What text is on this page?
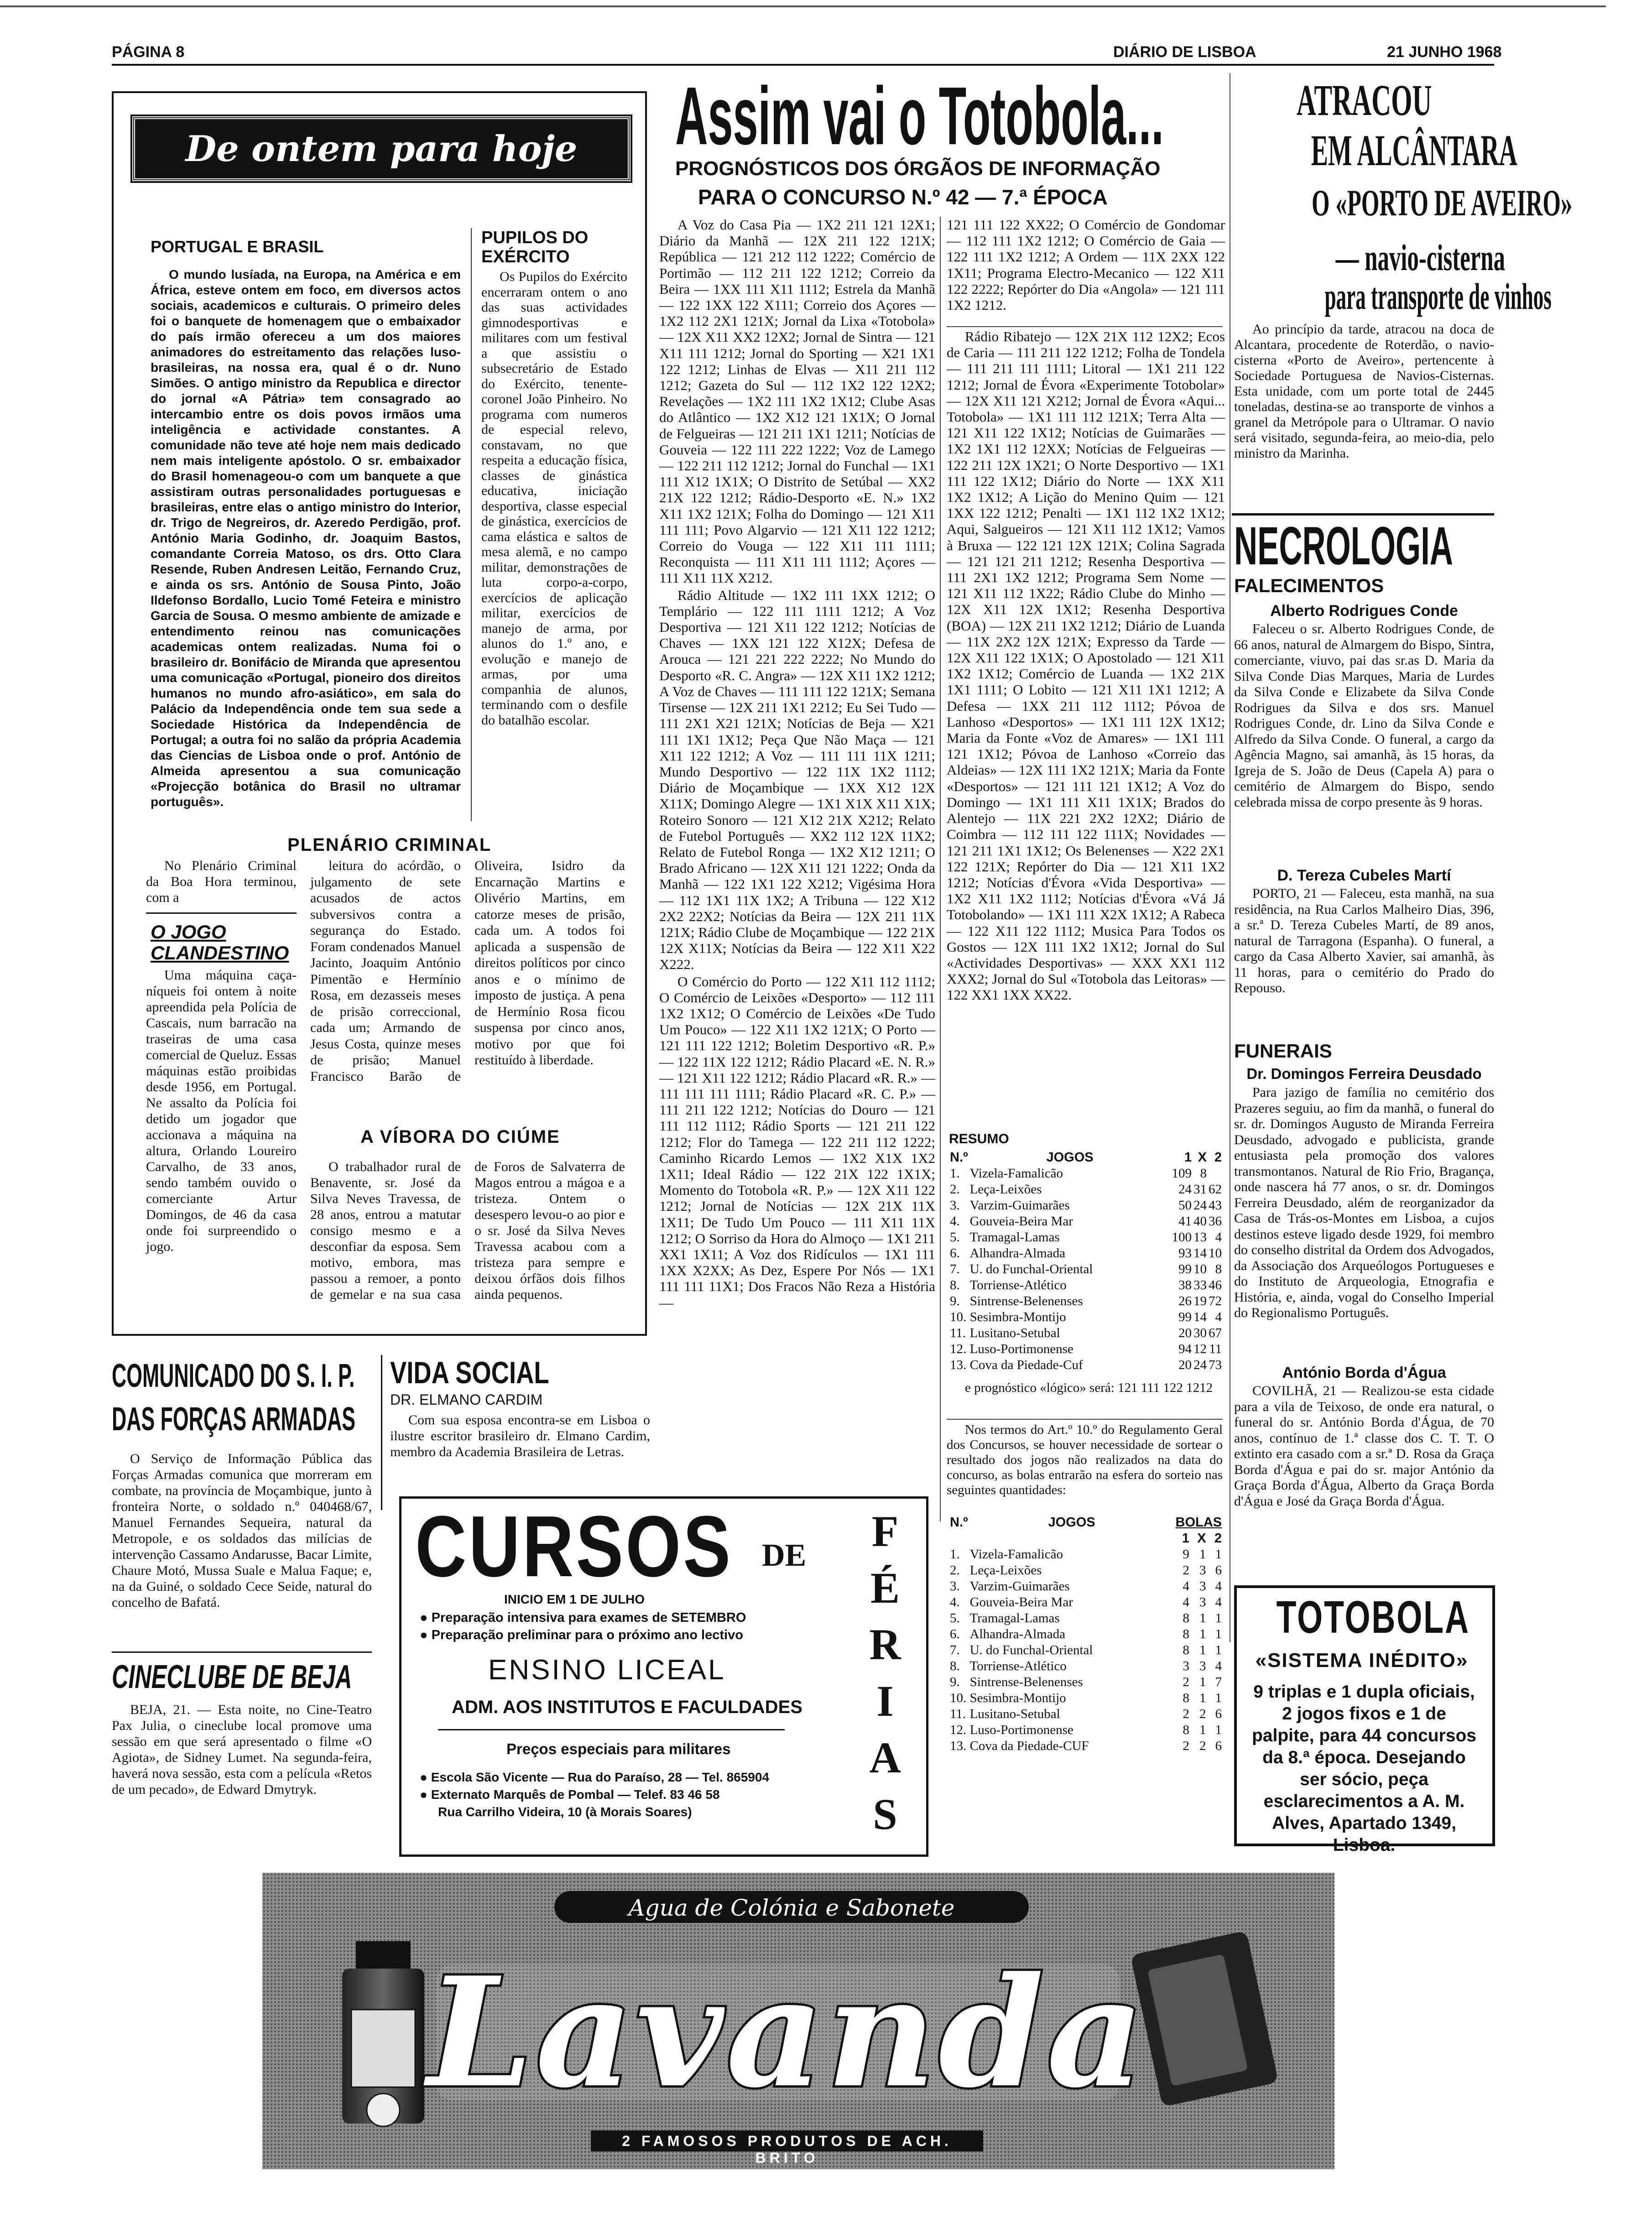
PÁGINA 8	DIÁRIO DE LISBOA	21 JUNHO 1968
De ontem para hoje
PORTUGAL E BRASIL

O mundo lusíada, na Europa, na América e em África, esteve ontem em foco, em diversos actos sociais, academicos e culturais. O primeiro deles foi o banquete de homenagem que o embaixador do país irmão ofereceu a um dos maiores animadores do estreitamento das relações luso-brasileiras, na nossa era, qual é o dr. Nuno Simões. O antigo ministro da Republica e director do jornal «A Pátria» tem consagrado ao intercambio entre os dois povos irmãos uma inteligência e actividade constantes. A comunidade não teve até hoje nem mais dedicado nem mais inteligente apóstolo. O sr. embaixador do Brasil homenageou-o com um banquete a que assistiram outras personalidades portuguesas e brasileiras, entre elas o antigo ministro do Interior, dr. Trigo de Negreiros, dr. Azeredo Perdigão, prof. António Maria Godinho, dr. Joaquim Bastos, comandante Correia Matoso, os drs. Otto Clara Resende, Ruben Andresen Leitão, Fernando Cruz, e ainda os srs. António de Sousa Pinto, João Ildefonso Bordallo, Lucio Tomé Feteira e ministro Garcia de Sousa. O mesmo ambiente de amizade e entendimento reinou nas comunicações academicas ontem realizadas. Numa foi o brasileiro dr. Bonifácio de Miranda que apresentou uma comunicação «Portugal, pioneiro dos direitos humanos no mundo afro-asiático», em sala do Palácio da Independência onde tem sua sede a Sociedade Histórica da Independência de Portugal; a outra foi no salão da própria Academia das Ciencias de Lisboa onde o prof. António de Almeida apresentou a sua comunicação «Projecção botânica do Brasil no ultramar português».

PUPILOS DO EXÉRCITO

Os Pupilos do Exército encerraram ontem o ano das suas actividades gimnodesportivas e militares com um festival a que assistiu o subsecretário de Estado do Exército, tenente-coronel João Pinheiro. No programa com numeros de especial relevo, constavam, no que respeita a educação física, classes de ginástica educativa, iniciação desportiva, classe especial de ginástica, exercícios de cama elástica e saltos de mesa alemã, e no campo militar, demonstrações de luta corpo-a-corpo, exercícios de aplicação militar, exercícios de manejo de arma, por alunos do 1.º ano, e evolução e manejo de armas, por uma companhia de alunos, terminando com o desfile do batalhão escolar.

PLENÁRIO CRIMINAL

No Plenário Criminal da Boa Hora terminou, com a

O JOGO CLANDESTINO

Uma máquina caça-níqueis foi ontem à noite apreendida pela Polícia de Cascais, num barracão na traseiras de uma casa comercial de Queluz. Essas máquinas estão proibidas desde 1956, em Portugal. Ne assalto da Polícia foi detido um jogador que accionava a máquina na altura, Orlando Loureiro Carvalho, de 33 anos, sendo também ouvido o comerciante Artur Domingos, de 46 da casa onde foi surpreendido o jogo.

leitura do acórdão, o julgamento de sete acusados de actos subversivos contra a segurança do Estado. Foram condenados Manuel Jacinto, Joaquim António Pimentão e Hermínio Rosa, em dezasseis meses de prisão correccional, cada um; Armando de Jesus Costa, quinze meses de prisão; Manuel Francisco Barão de Oliveira, Isidro da Encarnação Martins e Olivério Martins, em catorze meses de prisão, cada um. A todos foi aplicada a suspensão de direitos políticos por cinco anos e o mínimo de imposto de justiça. A pena de Hermínio Rosa ficou suspensa por cinco anos, motivo por que foi restituído à liberdade.

A VÍBORA DO CIÚME

O trabalhador rural de Benavente, sr. José da Silva Neves Travessa, de 28 anos, entrou a matutar consigo mesmo e a desconfiar da esposa. Sem motivo, embora, mas passou a remoer, a ponto de gemelar e na sua casa de Foros de Salvaterra de Magos entrou a mágoa e a tristeza. Ontem o desespero levou-o ao pior e o sr. José da Silva Neves Travessa acabou com a tristeza para sempre e deixou órfãos dois filhos ainda pequenos.

COMUNICADO DO S. I. P.
DAS FORÇAS ARMADAS

O Serviço de Informação Pública das Forças Armadas comunica que morreram em combate, na província de Moçambique, junto à fronteira Norte, o soldado n.º 040468/67, Manuel Fernandes Sequeira, natural da Metropole, e os soldados das milícias de intervenção Cassamo Andarusse, Bacar Limite, Chaure Motó, Mussa Suale e Malua Faque; e, na da Guiné, o soldado Cece Seide, natural do concelho de Bafatá.

VIDA SOCIAL
DR. ELMANO CARDIM

Com sua esposa encontra-se em Lisboa o ilustre escritor brasileiro dr. Elmano Cardim, membro da Academia Brasileira de Letras.

CINECLUBE DE BEJA

BEJA, 21. — Esta noite, no Cine-Teatro Pax Julia, o cineclube local promove uma sessão em que será apresentado o filme «O Agiota», de Sidney Lumet. Na segunda-feira, haverá nova sessão, esta com a película «Retos de um pecado», de Edward Dmytryk.

CURSOS DE F
É
R
I
A
S
INICIO EM 1 DE JULHO
● Preparação intensiva para exames de SETEMBRO
● Preparação preliminar para o próximo ano lectivo
ENSINO LICEAL
ADM. AOS INSTITUTOS E FACULDADES
Preços especiais para militares
● Escola São Vicente — Rua do Paraíso, 28 — Tel. 865904
● Externato Marquês de Pombal — Telef. 83 46 58
Rua Carrilho Videira, 10 (à Morais Soares)
Assim vai o Totobola...
PROGNÓSTICOS DOS ÓRGÃOS DE INFORMAÇÃO
PARA O CONCURSO N.º 42 — 7.ª ÉPOCA

A Voz do Casa Pia — 1X2 211 121 12X1; Diário da Manhã — 12X 211 122 121X; República — 121 212 112 1222; Comércio de Portimão — 112 211 122 1212; Correio da Beira — 1XX 111 X11 1112; Estrela da Manhã — 122 1XX 122 X111; Correio dos Açores — 1X2 112 2X1 121X; Jornal da Lixa «Totobola» — 12X X11 XX2 12X2; Jornal de Sintra — 121 X11 111 1212; Jornal do Sporting — X21 1X1 122 1212; Linhas de Elvas — X11 211 112 1212; Gazeta do Sul — 112 1X2 122 12X2; Revelações — 1X2 111 1X2 1X12; Clube Asas do Atlântico — 1X2 X12 121 1X1X; O Jornal de Felgueiras — 121 211 1X1 1211; Notícias de Gouveia — 122 111 222 1222; Voz de Lamego — 122 211 112 1212; Jornal do Funchal — 1X1 111 X12 1X1X; O Distrito de Setúbal — XX2 21X 122 1212; Rádio-Desporto «E. N.» 1X2 X11 1X2 121X; Folha do Domingo — 121 X11 111 111; Povo Algarvio — 121 X11 122 1212; Correio do Vouga — 122 X11 111 1111; Reconquista — 111 X11 111 1112; Açores — 111 X11 11X X212.

Rádio Altitude — 1X2 111 1XX 1212; O Templário — 122 111 1111 1212; A Voz Desportiva — 121 X11 122 1212; Notícias de Chaves — 1XX 121 122 X12X; Defesa de Arouca — 121 221 222 2222; No Mundo do Desporto «R. C. Angra» — 12X X11 1X2 1212; A Voz de Chaves — 111 111 122 121X; Semana Tirsense — 12X 211 1X1 2212; Eu Sei Tudo — 111 2X1 X21 121X; Notícias de Beja — X21 111 1X1 1X12; Peça Que Não Maça — 121 X11 122 1212; A Voz — 111 111 11X 1211; Mundo Desportivo — 122 11X 1X2 1112; Diário de Moçambique — 1XX X12 12X X11X; Domingo Alegre — 1X1 X1X X11 X1X; Roteiro Sonoro — 121 X12 21X X212; Relato de Futebol Português — XX2 112 12X 11X2; Relato de Futebol Ronga — 1X2 X12 1211; O Brado Africano — 12X X11 121 1222; Onda da Manhã — 122 1X1 122 X212; Vigésima Hora — 112 1X1 11X 1X2; A Tribuna — 122 X12 2X2 22X2; Notícias da Beira — 12X 211 11X 121X; Rádio Clube de Moçambique — 122 21X 12X X11X; Notícias da Beira — 122 X11 X22 X222.

O Comércio do Porto — 122 X11 112 1112; O Comércio de Leixões «Desporto» — 112 111 1X2 1X12; O Comércio de Leixões «De Tudo Um Pouco» — 122 X11 1X2 121X; O Porto — 121 111 122 1212; Boletim Desportivo «R. P.» — 122 11X 122 1212; Rádio Placard «E. N. R.» — 121 X11 122 1212; Rádio Placard «R. R.» — 111 111 111 1111; Rádio Placard «R. C. P.» — 111 211 122 1212; Notícias do Douro — 121 111 112 1112; Rádio Sports — 121 211 122 1212; Flor do Tamega — 122 211 112 1222; Caminho Ricardo Lemos — 1X2 X1X 1X2 1X11; Ideal Rádio — 122 21X 122 1X1X; Momento do Totobola «R. P.» — 12X X11 122 1212; Jornal de Notícias — 12X 21X 11X 1X11; De Tudo Um Pouco — 111 X11 11X 1212; O Sorriso da Hora do Almoço — 1X1 211 XX1 1X11; A Voz dos Ridículos — 1X1 111 1XX X2XX; As Dez, Espere Por Nós — 1X1 111 111 11X1; Dos Fracos Não Reza a História —

121 111 122 XX22; O Comércio de Gondomar — 112 111 1X2 1212; O Comércio de Gaia — 122 111 1X2 1212; A Ordem — 11X 2XX 122 1X11; Programa Electro-Mecanico — 122 X11 122 2222; Repórter do Dia «Angola» — 121 111 1X2 1212.

Rádio Ribatejo — 12X 21X 112 12X2; Ecos de Caria — 111 211 122 1212; Folha de Tondela — 111 211 111 1111; Litoral — 1X1 211 122 1212; Jornal de Évora «Experimente Totobolar» — 12X X11 121 X212; Jornal de Évora «Aqui... Totobola» — 1X1 111 112 121X; Terra Alta — 121 X11 122 1X12; Notícias de Guimarães — 1X2 1X1 112 12XX; Notícias de Felgueiras — 122 211 12X 1X21; O Norte Desportivo — 1X1 111 122 1X12; Diário do Norte — 1XX X11 1X2 1X12; A Lição do Menino Quim — 121 1XX 122 1212; Penalti — 1X1 112 1X2 1X12; Aqui, Salgueiros — 121 X11 112 1X12; Vamos à Bruxa — 122 121 12X 121X; Colina Sagrada — 121 121 211 1212; Resenha Desportiva — 111 2X1 1X2 1212; Programa Sem Nome — 121 X11 112 1X22; Rádio Clube do Minho — 12X X11 12X 1X12; Resenha Desportiva (BOA) — 12X 211 1X2 1212; Diário de Luanda — 11X 2X2 12X 121X; Expresso da Tarde — 12X X11 122 1X1X; O Apostolado — 121 X11 1X2 1X12; Comércio de Luanda — 1X2 21X 1X1 1111; O Lobito — 121 X11 1X1 1212; A Defesa — 1XX 211 112 1112; Póvoa de Lanhoso «Desportos» — 1X1 111 12X 1X12; Maria da Fonte «Voz de Amares» — 1X1 111 121 1X12; Póvoa de Lanhoso «Correio das Aldeias» — 12X 111 1X2 121X; Maria da Fonte «Desportos» — 121 111 121 1X12; A Voz do Domingo — 1X1 111 X11 1X1X; Brados do Alentejo — 11X 221 2X2 12X2; Diário de Coimbra — 112 111 122 111X; Novidades — 121 211 1X1 1X12; Os Belenenses — X22 2X1 122 121X; Repórter do Dia — 121 X11 1X2 1212; Notícias d'Évora «Vida Desportiva» — 1X2 X11 1X2 1112; Notícias d'Évora «Vá Já Totobolando» — 1X1 111 X2X 1X12; A Rabeca — 122 X11 122 1112; Musica Para Todos os Gostos — 12X 111 1X2 1X12; Jornal do Sul «Actividades Desportivas» — XXX XX1 112 XXX2; Jornal do Sul «Totobola das Leitoras» — 122 XX1 1XX XX22.

RESUMO
N.º	JOGOS	1	X	2
1.	Vizela-Famalicão	109	8	
2.	Leça-Leixões	24	31	62
3.	Varzim-Guimarães	50	24	43
4.	Gouveia-Beira Mar	41	40	36
5.	Tramagal-Lamas	100	13	4
6.	Alhandra-Almada	93	14	10
7.	U. do Funchal-Oriental	99	10	8
8.	Torriense-Atlético	38	33	46
9.	Sintrense-Belenenses	26	19	72
10.	Sesimbra-Montijo	99	14	4
11.	Lusitano-Setubal	20	30	67
12.	Luso-Portimonense	94	12	11
13.	Cova da Piedade-Cuf	20	24	73

e prognóstico «lógico» será: 121 111 122 1212

Nos termos do Art.º 10.º do Regulamento Geral dos Concursos, se houver necessidade de sortear o resultado dos jogos não realizados na data do concurso, as bolas entrarão na esfera do sorteio nas seguintes quantidades:

N.º	JOGOS	BOLAS		
		1	X	2
1.	Vizela-Famalicão	9	1	1
2.	Leça-Leixões	2	3	6
3.	Varzim-Guimarães	4	3	4
4.	Gouveia-Beira Mar	4	3	4
5.	Tramagal-Lamas	8	1	1
6.	Alhandra-Almada	8	1	1
7.	U. do Funchal-Oriental	8	1	1
8.	Torriense-Atlético	3	3	4
9.	Sintrense-Belenenses	2	1	7
10.	Sesimbra-Montijo	8	1	1
11.	Lusitano-Setubal	2	2	6
12.	Luso-Portimonense	8	1	1
13.	Cova da Piedade-CUF	2	2	6
ATRACOU
EM ALCÂNTARA
O «PORTO DE AVEIRO»
— navio-cisterna
para transporte de vinhos

Ao princípio da tarde, atracou na doca de Alcantara, procedente de Roterdão, o navio-cisterna «Porto de Aveiro», pertencente à Sociedade Portuguesa de Navios-Cisternas. Esta unidade, com um porte total de 2445 toneladas, destina-se ao transporte de vinhos a granel da Metrópole para o Ultramar. O navio será visitado, segunda-feira, ao meio-dia, pelo ministro da Marinha.

NECROLOGIA
FALECIMENTOS
Alberto Rodrigues Conde

Faleceu o sr. Alberto Rodrigues Conde, de 66 anos, natural de Almargem do Bispo, Sintra, comerciante, viuvo, pai das sr.as D. Maria da Silva Conde Dias Marques, Maria de Lurdes da Silva Conde e Elizabete da Silva Conde Rodrigues da Silva e dos srs. Manuel Rodrigues Conde, dr. Lino da Silva Conde e Alfredo da Silva Conde. O funeral, a cargo da Agência Magno, sai amanhã, às 15 horas, da Igreja de S. João de Deus (Capela A) para o cemitério de Almargem do Bispo, sendo celebrada missa de corpo presente às 9 horas.

D. Tereza Cubeles Martí

PORTO, 21 — Faleceu, esta manhã, na sua residência, na Rua Carlos Malheiro Dias, 396, a sr.ª D. Tereza Cubeles Martí, de 89 anos, natural de Tarragona (Espanha). O funeral, a cargo da Casa Alberto Xavier, sai amanhã, às 11 horas, para o cemitério do Prado do Repouso.

FUNERAIS
Dr. Domingos Ferreira Deusdado

Para jazigo de família no cemitério dos Prazeres seguiu, ao fim da manhã, o funeral do sr. dr. Domingos Augusto de Miranda Ferreira Deusdado, advogado e publicista, grande entusiasta pela promoção dos valores transmontanos. Natural de Rio Frio, Bragança, onde nascera há 77 anos, o sr. dr. Domingos Ferreira Deusdado, além de reorganizador da Casa de Trás-os-Montes em Lisboa, a cujos destinos esteve ligado desde 1929, foi membro do conselho distrital da Ordem dos Advogados, da Associação dos Arqueólogos Portugueses e do Instituto de Arqueologia, Etnografia e História, e, ainda, vogal do Conselho Imperial do Regionalismo Português.

António Borda d'Água

COVILHÃ, 21 — Realizou-se esta cidade para a vila de Teixoso, de onde era natural, o funeral do sr. António Borda d'Água, de 70 anos, contínuo de 1.ª classe dos C. T. T. O extinto era casado com a sr.ª D. Rosa da Graça Borda d'Água e pai do sr. major António da Graça Borda d'Água, Alberto da Graça Borda d'Água e José da Graça Borda d'Água.

TOTOBOLA
«SISTEMA INÉDITO»

9 triplas e 1 dupla oficiais, 2 jogos fixos e 1 de palpite, para 44 concursos da 8.ª época. Desejando ser sócio, peça esclarecimentos a A. M. Alves, Apartado 1349, Lisboa.

Agua de Colónia e Sabonete
Lavanda
2 FAMOSOS PRODUTOS DE ACH. BRITO
